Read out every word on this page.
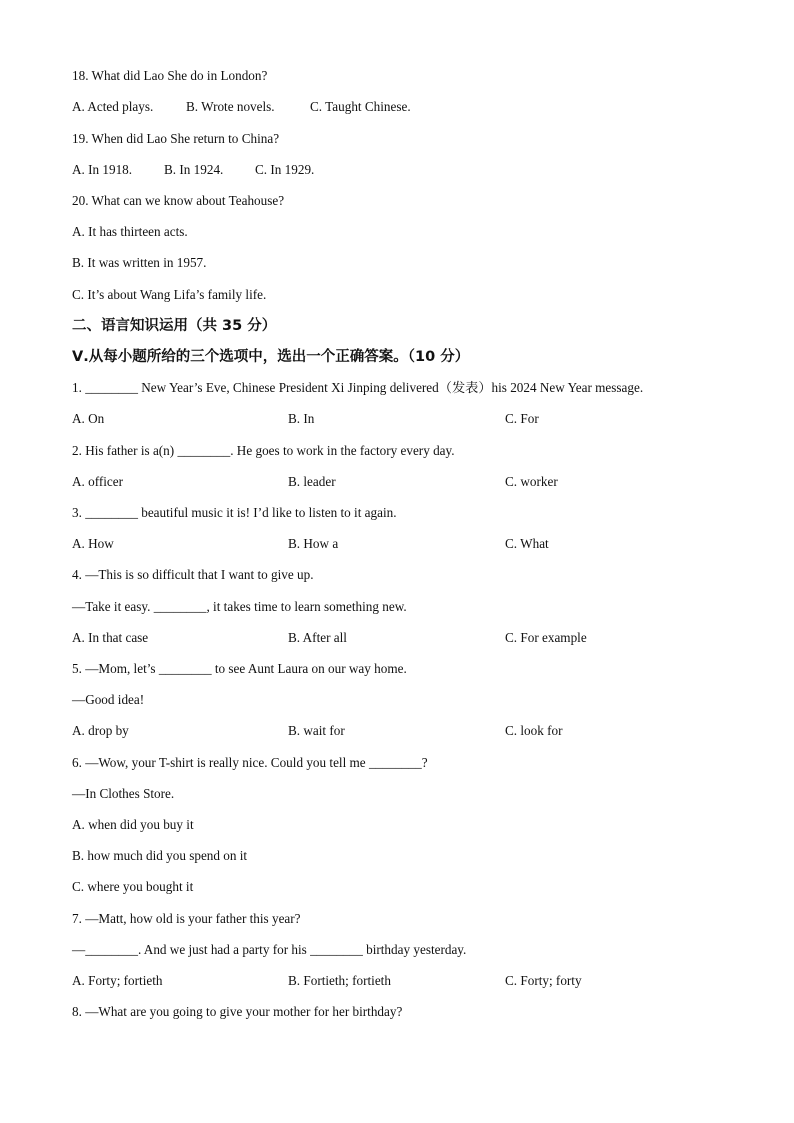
18. What did Lao She do in London?
A. Acted plays. B. Wrote novels.	C. Taught Chinese.
19. When did Lao She return to China?
A. In 1918. B. In 1924. C. In 1929.
20. What can we know about Teahouse?
A. It has thirteen acts.
B. It was written in 1957.
C. It’s about Wang Lifa’s family life.
二、语言知识运用（共 35 分）
Ⅴ.从每小题所给的三个选项中，选出一个正确答案。（10 分）
1. ________ New Year’s Eve, Chinese President Xi Jinping delivered（发表）his 2024 New Year message.
A. On	B. In	C. For
2. His father is a(n) ________. He goes to work in the factory every day.
A. officer	B. leader	C. worker
3. ________ beautiful music it is! I’d like to listen to it again.
A. How	B. How a	C. What
4. —This is so difficult that I want to give up.
—Take it easy. ________, it takes time to learn something new.
A. In that case	B. After all	C. For example
5. —Mom, let’s ________ to see Aunt Laura on our way home.
—Good idea!
A. drop by	B. wait for	C. look for
6. —Wow, your T-shirt is really nice. Could you tell me ________?
—In Clothes Store.
A. when did you buy it
B. how much did you spend on it
C. where you bought it
7. —Matt, how old is your father this year?
—________. And we just had a party for his ________ birthday yesterday.
A. Forty; fortieth	B. Fortieth; fortieth	C. Forty; forty
8. —What are you going to give your mother for her birthday?
